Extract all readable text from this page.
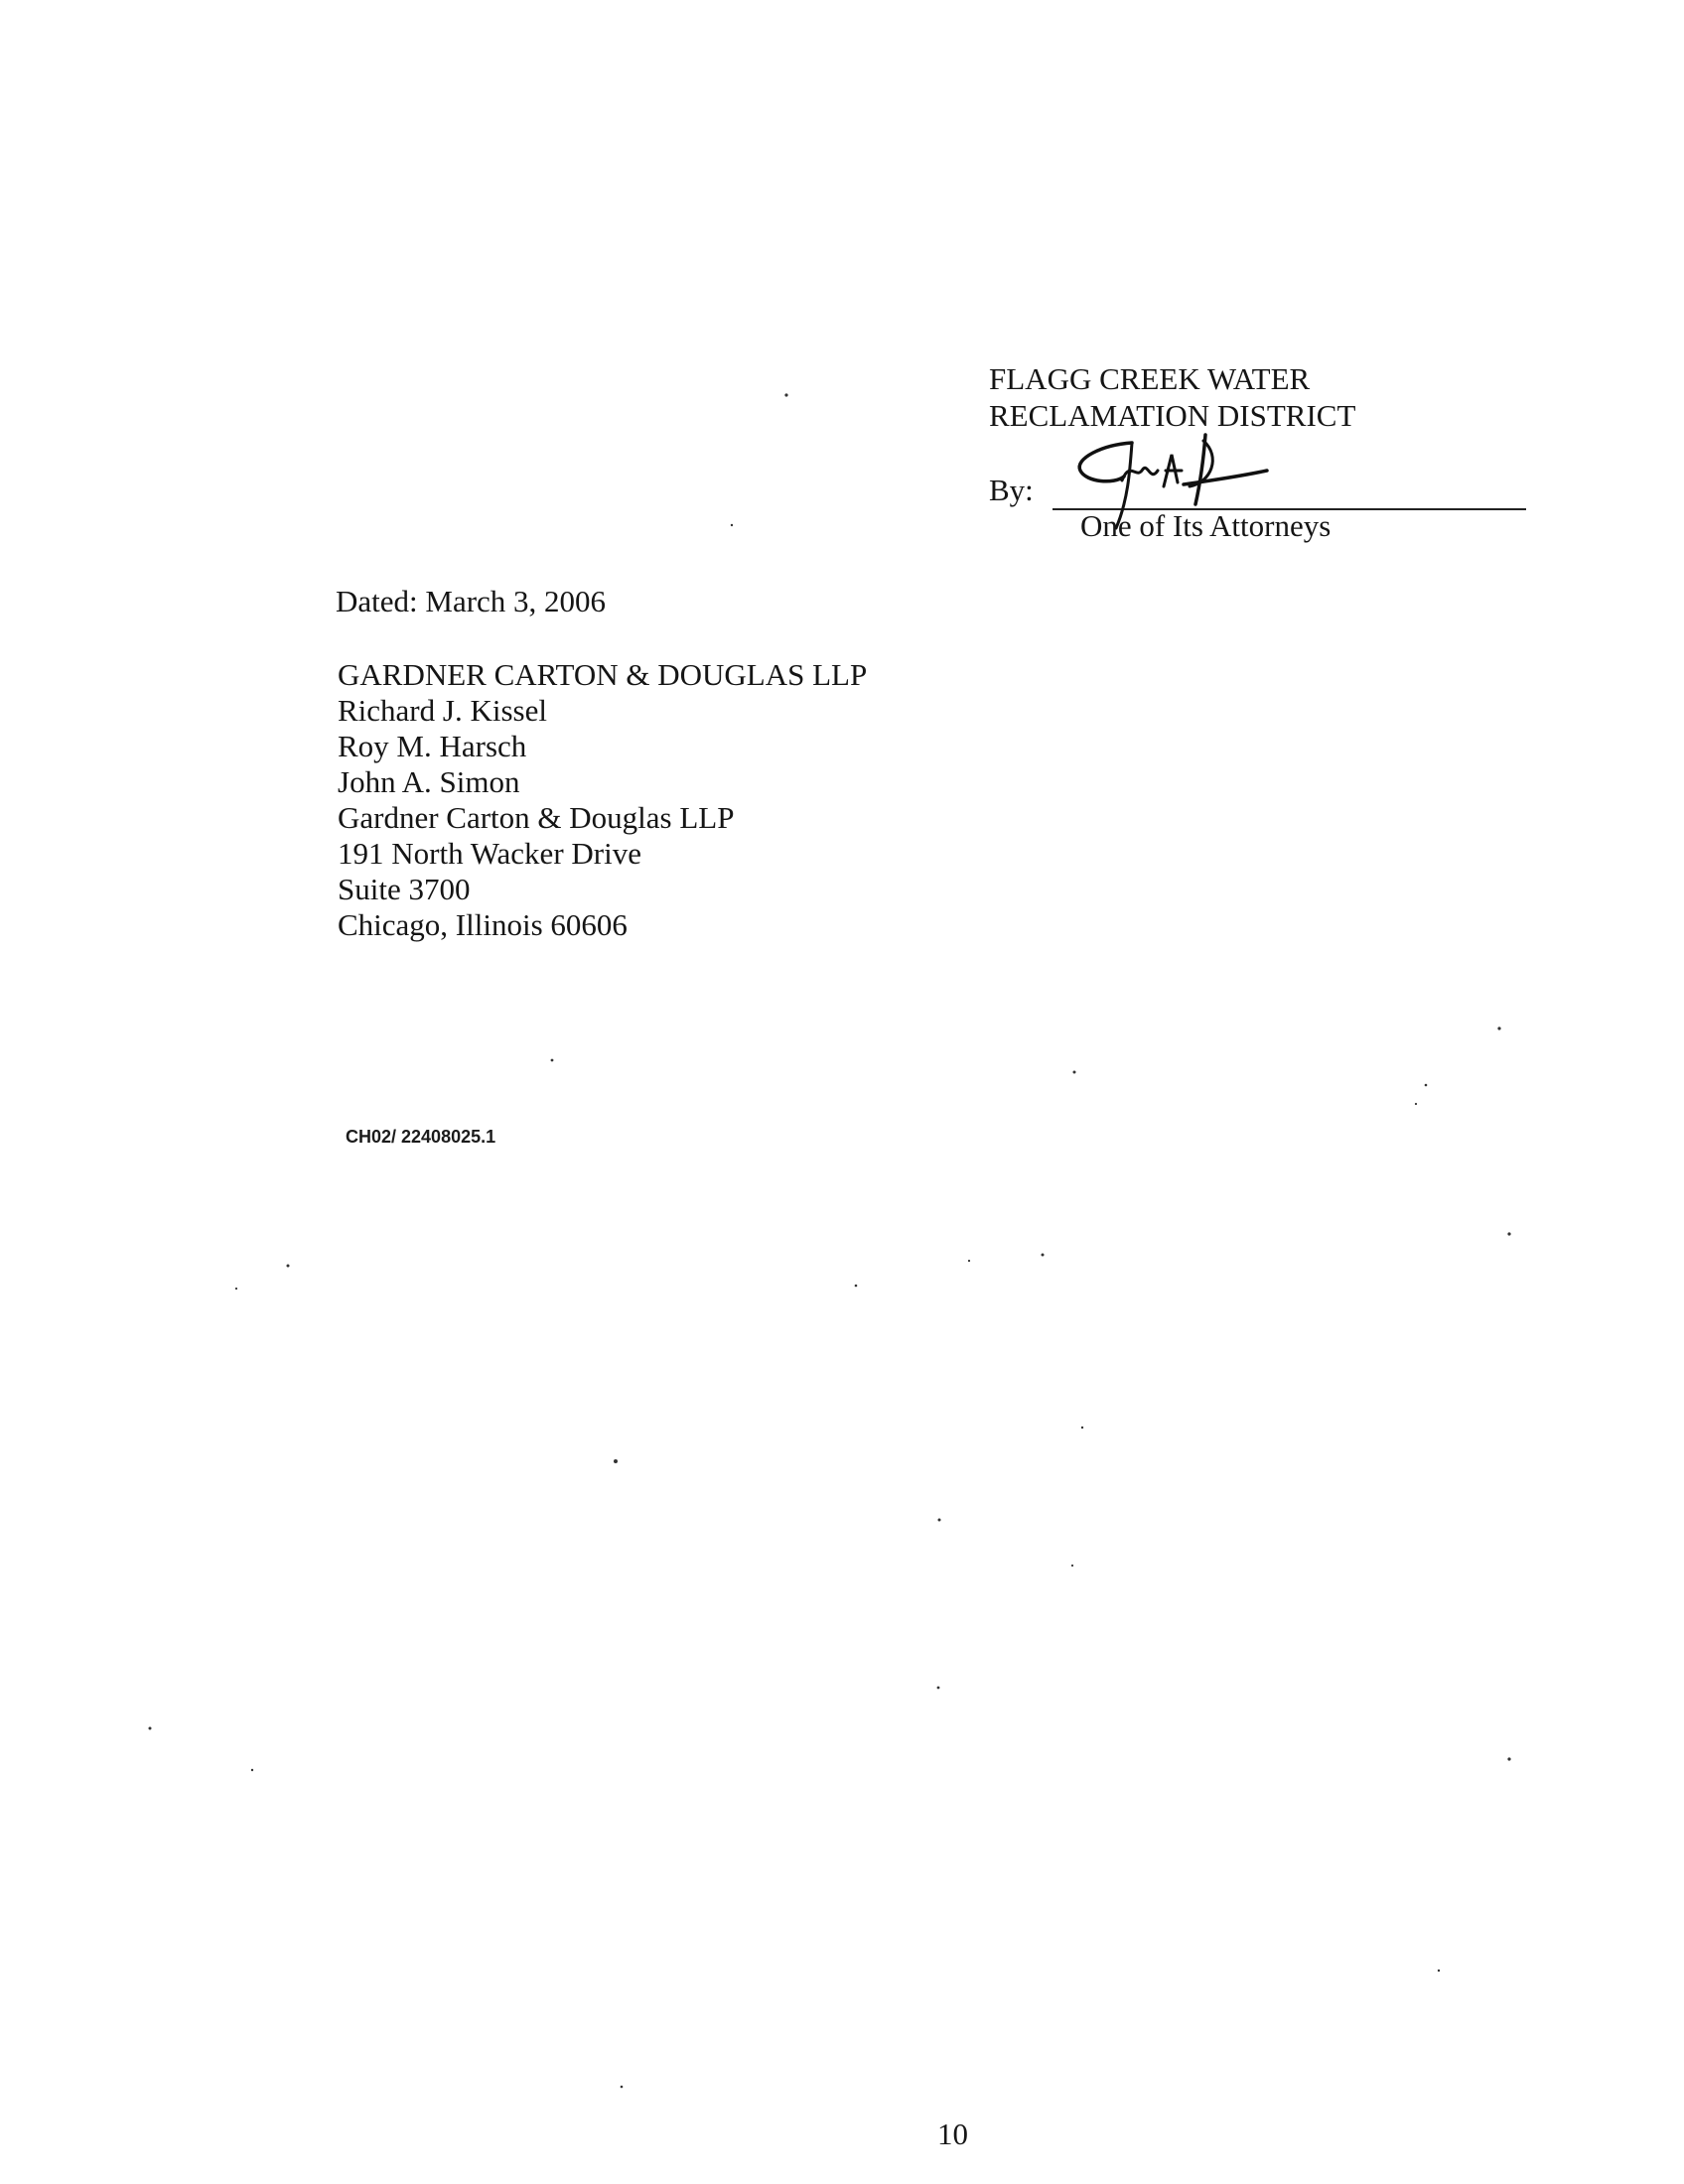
FLAGG CREEK WATER
RECLAMATION DISTRICT
By:
One of Its Attorneys
Dated: March 3, 2006
GARDNER CARTON & DOUGLAS LLP
Richard J. Kissel
Roy M. Harsch
John A. Simon
Gardner Carton & Douglas LLP
191 North Wacker Drive
Suite 3700
Chicago, Illinois 60606
CH02/ 22408025.1
10
